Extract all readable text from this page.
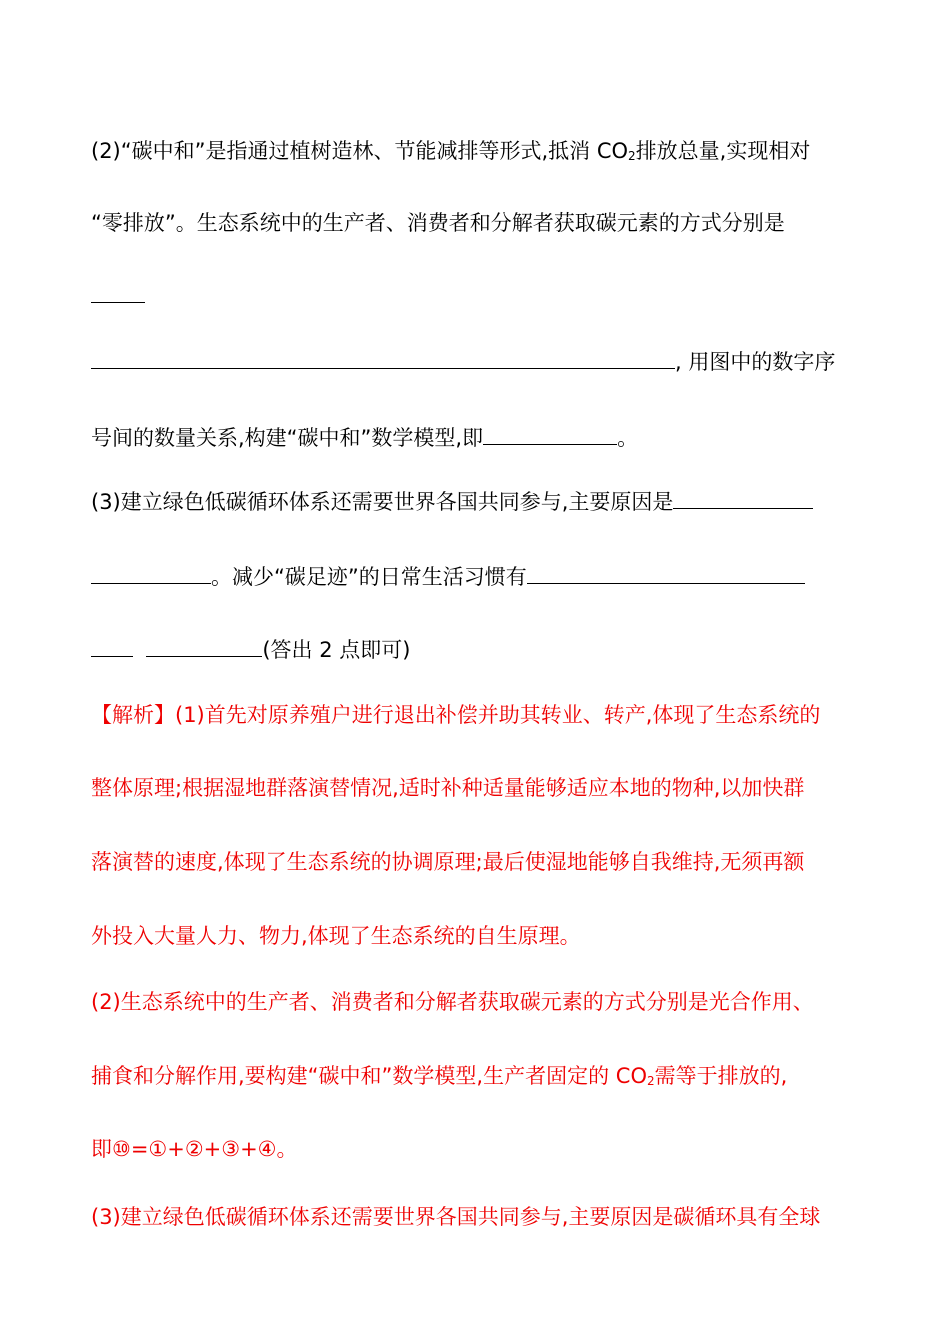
(2)“碳中和”是指通过植树造林、节能减排等形式,抵消 $CO_2$排放总量,实现相对
“零排放”。生态系统中的生产者、消费者和分解者获取碳元素的方式分别是
, 用图中的数字序
号间的数量关系,构建“碳中和”数学模型,即	。
(3)建立绿色低碳循环体系还需要世界各国共同参与,主要原因是
。减少“碳足迹”的日常生活习惯有
(答出 2 点即可)
【解析】(1)首先对原养殖户进行退出补偿并助其转业、转产,体现了生态系统的
整体原理;根据湿地群落演替情况,适时补种适量能够适应本地的物种,以加快群
落演替的速度,体现了生态系统的协调原理;最后使湿地能够自我维持,无须再额
外投入大量人力、物力,体现了生态系统的自生原理。
(2)生态系统中的生产者、消费者和分解者获取碳元素的方式分别是光合作用、
捕食和分解作用,要构建“碳中和”数学模型,生产者固定的 $CO_2$需等于排放的,
即⑩=①+②+③+④。
(3)建立绿色低碳循环体系还需要世界各国共同参与,主要原因是碳循环具有全球
